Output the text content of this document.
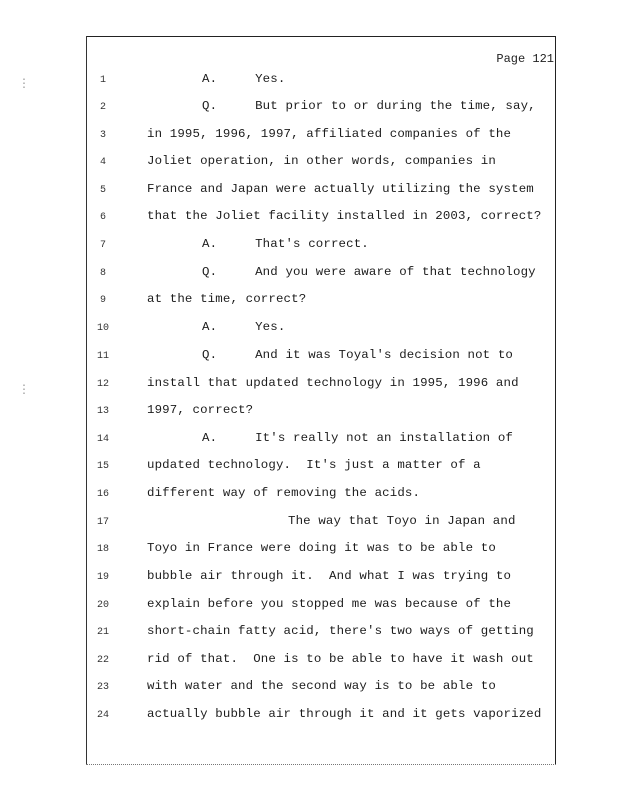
Page 121
⋮
⋮
1	A.     Yes.
2	Q.     But prior to or during the time, say,
3	in 1995, 1996, 1997, affiliated companies of the
4	Joliet operation, in other words, companies in
5	France and Japan were actually utilizing the system
6	that the Joliet facility installed in 2003, correct?
7	A.     That's correct.
8	Q.     And you were aware of that technology
9	at the time, correct?
10	A.     Yes.
11	Q.     And it was Toyal's decision not to
12	install that updated technology in 1995, 1996 and
13	1997, correct?
14	A.     It's really not an installation of
15	updated technology.  It's just a matter of a
16	different way of removing the acids.
17	The way that Toyo in Japan and
18	Toyo in France were doing it was to be able to
19	bubble air through it.  And what I was trying to
20	explain before you stopped me was because of the
21	short-chain fatty acid, there's two ways of getting
22	rid of that.  One is to be able to have it wash out
23	with water and the second way is to be able to
24	actually bubble air through it and it gets vaporized
